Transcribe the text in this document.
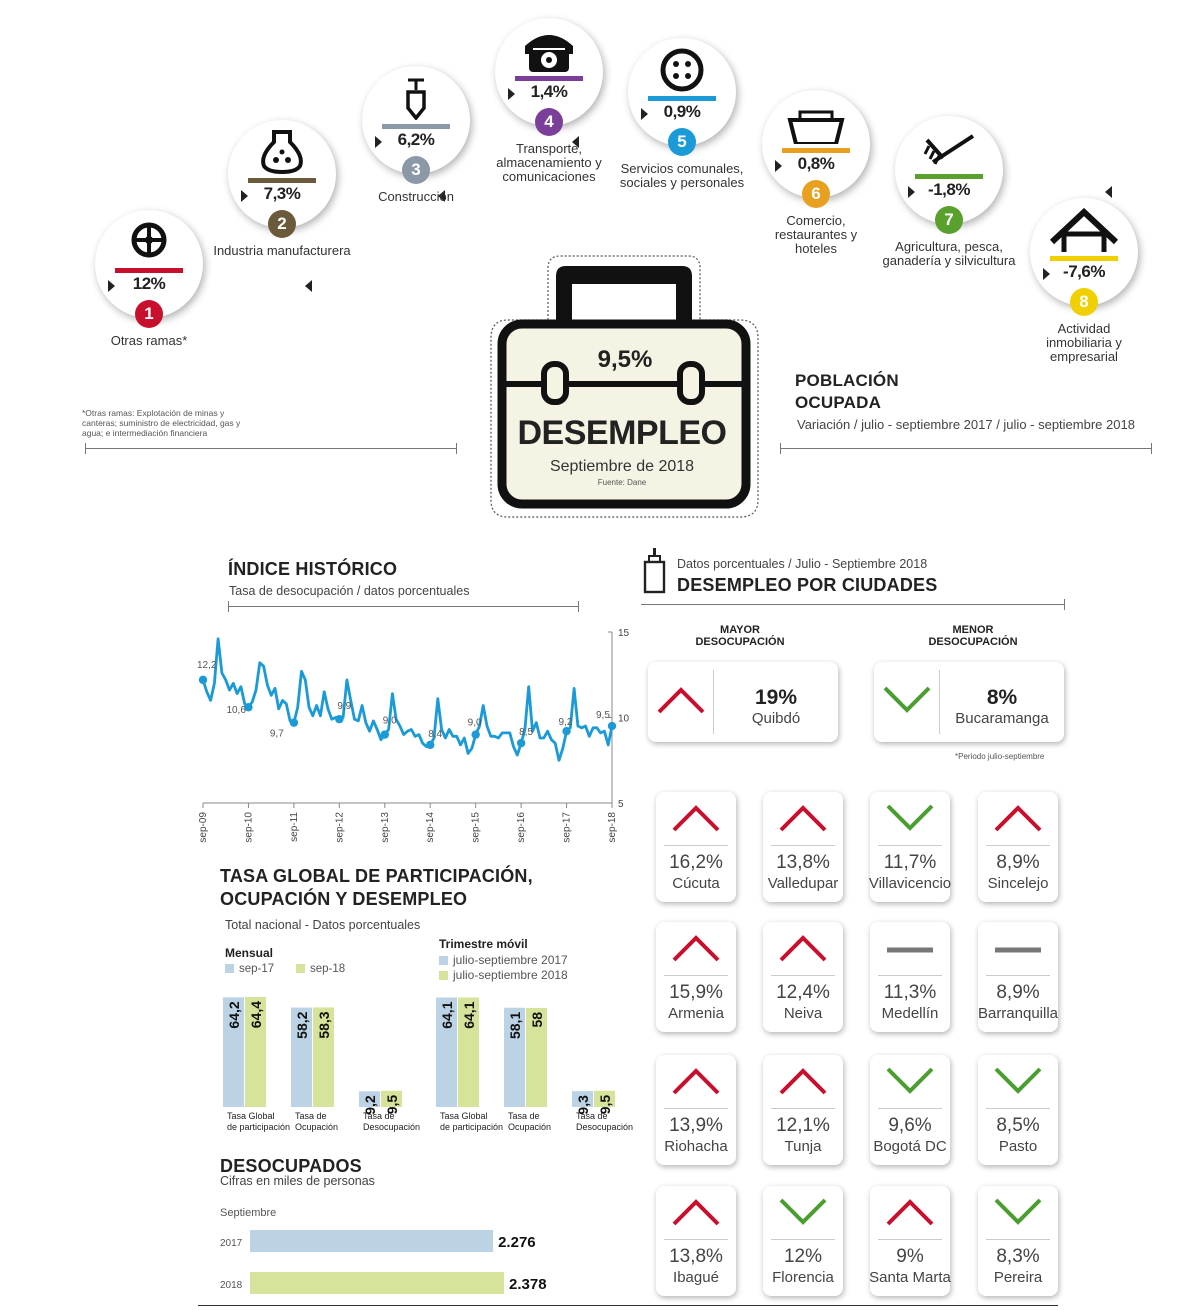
12%
1
Otras ramas*
7,3%
2
Industria manufacturera
6,2%
3
Construcción
1,4%
4
Transporte, almacenamiento y comunicaciones
0,9%
5
Servicios comunales, sociales y personales
0,8%
6
Comercio, restaurantes y hoteles
-1,8%
7
Agricultura, pesca, ganadería y silvicultura
-7,6%
8
Actividad inmobiliaria y empresarial
*Otras ramas: Explotación de minas y canteras; suministro de electricidad, gas y agua; e intermediación financiera
9,5%
DESEMPLEO
Septiembre de 2018
Fuente: Dane
POBLACIÓN
OCUPADA
Variación / julio - septiembre 2017 / julio - septiembre 2018
ÍNDICE HISTÓRICO
Tasa de desocupación / datos porcentuales
sep-09	sep-10	sep-11	sep-12	sep-13	sep-14	sep-15	sep-16	sep-17	sep-18
15
10
5
12,2
10,6
9,7
9,9
9,0
8,4
9,0
8,5
9,2
9,5
Datos porcentuales / Julio - Septiembre 2018
DESEMPLEO POR CIUDADES
MAYOR
DESOCUPACIÓN
MENOR
DESOCUPACIÓN
19%
Quibdó
8%
Bucaramanga
*Periodo julio-septiembre
16,2%
Cúcuta
13,8%
Valledupar
11,7%
Villavicencio
8,9%
Sincelejo
15,9%
Armenia
12,4%
Neiva
11,3%
Medellín
8,9%
Barranquilla
13,9%
Riohacha
12,1%
Tunja
9,6%
Bogotá DC
8,5%
Pasto
13,8%
Ibagué
12%
Florencia
9%
Santa Marta
8,3%
Pereira
TASA GLOBAL DE PARTICIPACIÓN,
OCUPACIÓN Y DESEMPLEO
Total nacional - Datos porcentuales
Mensual
sep-17	sep-18
Trimestre móvil
julio-septiembre 2017
julio-septiembre 2018
64,2 64,4
Tasa Global
de participación
58,2 58,3
Tasa de
Ocupación
9,2 9,5
Tasa de
Desocupación
64,1 64,1
Tasa Global
de participación
58,1 58
Tasa de
Ocupación
9,3 9,5
Tasa de
Desocupación
DESOCUPADOS
Cifras en miles de personas
Septiembre
2017	2.276
2018	2.378
